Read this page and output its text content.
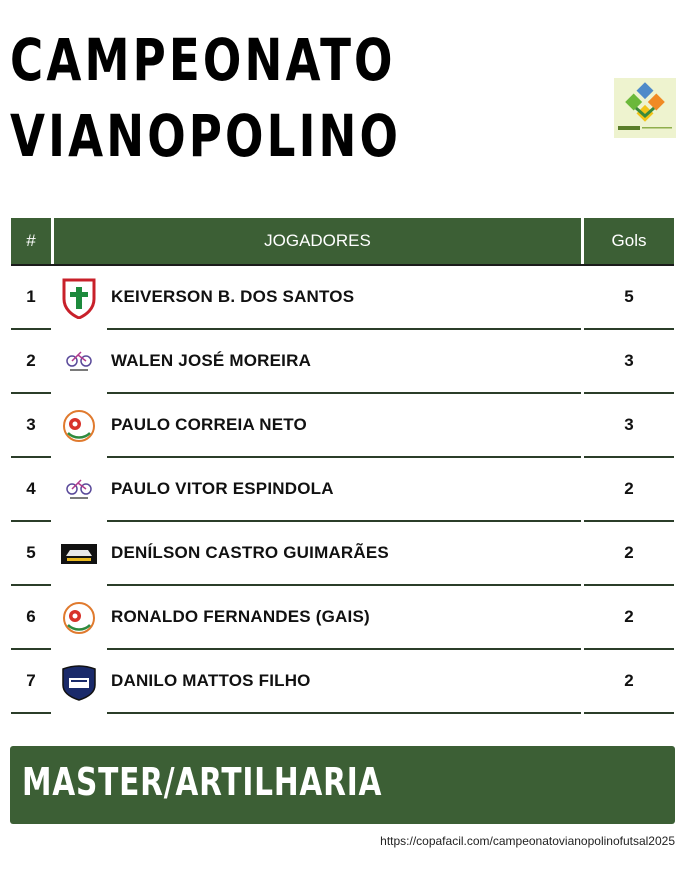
CAMPEONATO
VIANOPOLINO
#	JOGADORES	Gols
1	KEIVERSON B. DOS SANTOS	5
2	WALEN JOSÉ MOREIRA	3
3	PAULO CORREIA NETO	3
4	PAULO VITOR ESPINDOLA	2
5	DENÍLSON CASTRO GUIMARÃES	2
6	RONALDO FERNANDES (GAIS)	2
7	DANILO MATTOS FILHO	2
MASTER/ARTILHARIA
https://copafacil.com/campeonatovianopolinofutsal2025
